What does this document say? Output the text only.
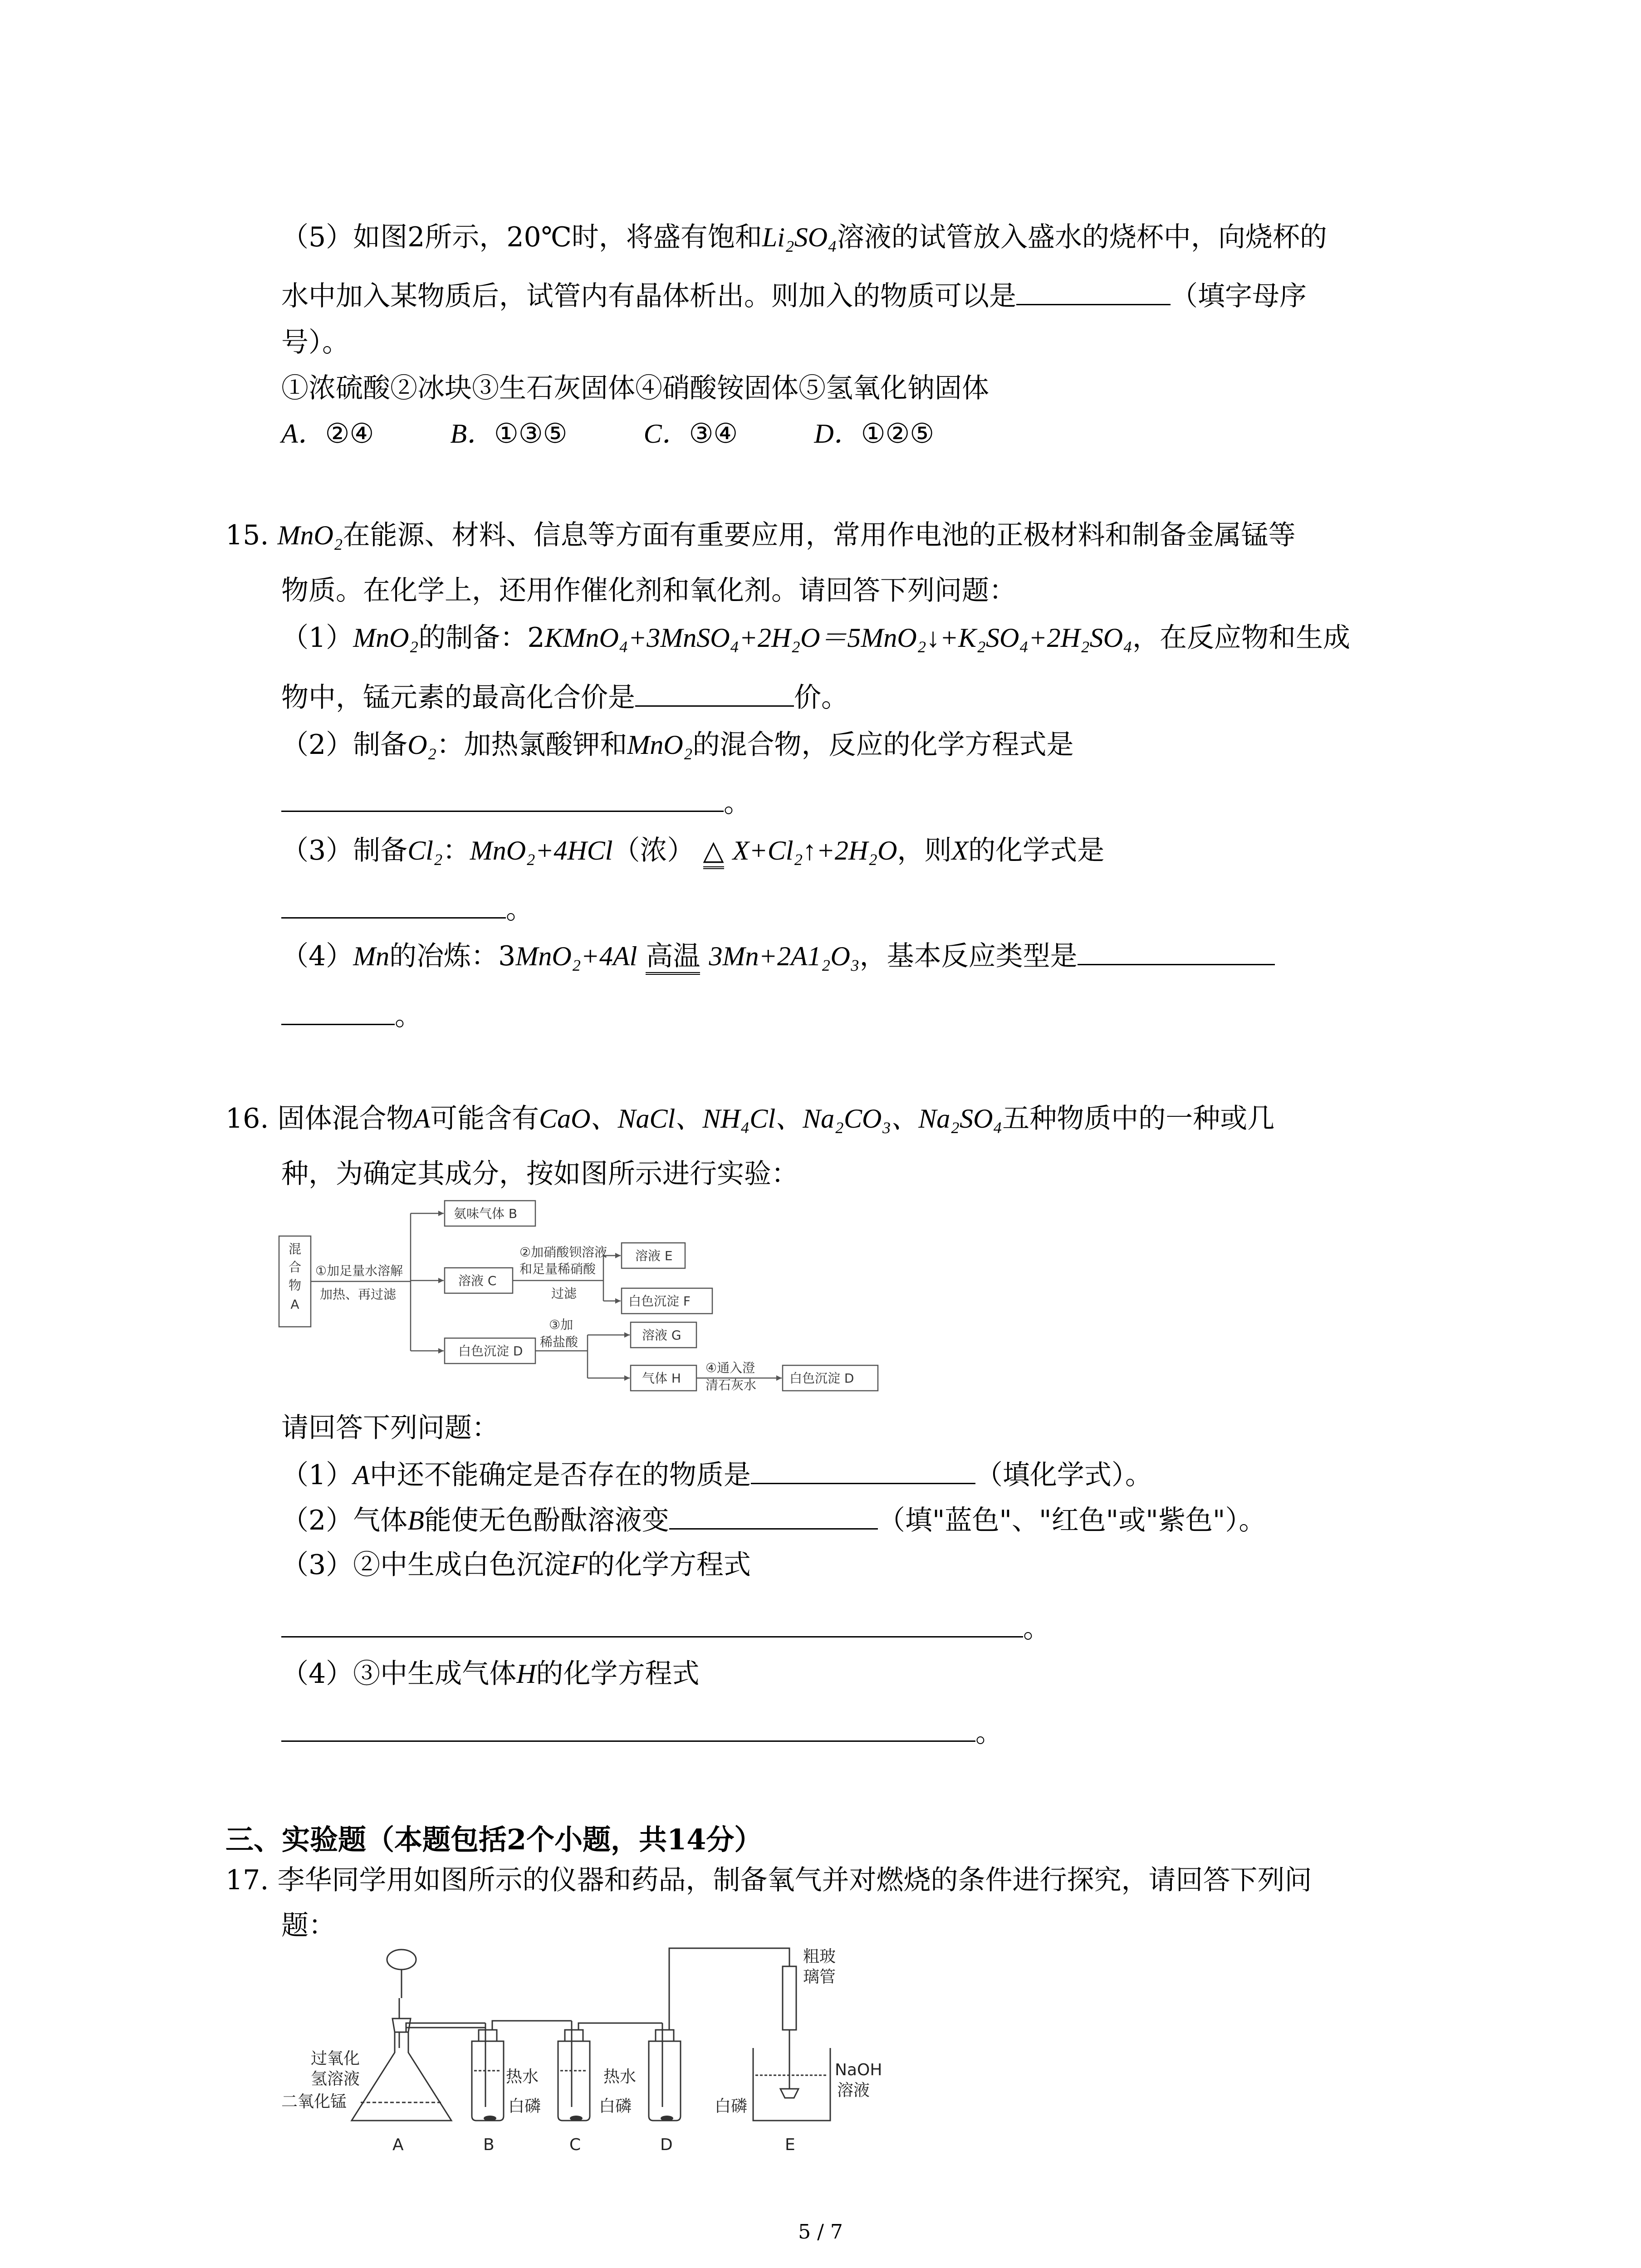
（5）如图2所示，20℃时，将盛有饱和Li₂SO₄溶液的试管放入盛水的烧杯中，向烧杯的
水中加入某物质后，试管内有晶体析出。则加入的物质可以是	（填字母序
号）。
①浓硫酸②冰块③生石灰固体④硝酸铵固体⑤氢氧化钠固体
A．②④	B．①③⑤	C．③④	D．①②⑤
15. MnO₂在能源、材料、信息等方面有重要应用，常用作电池的正极材料和制备金属锰等
物质。在化学上，还用作催化剂和氧化剂。请回答下列问题：
（1）MnO₂的制备：2KMnO₄+3MnSO₄+2H₂O＝5MnO₂↓+K₂SO₄+2H₂SO₄，在反应物和生成
物中，锰元素的最高化合价是	价。
（2）制备O₂：加热氯酸钾和MnO₂的混合物，反应的化学方程式是
。
（3）制备Cl₂：MnO₂+4HCl（浓） △ X+Cl₂↑+2H₂O，则X的化学式是
。
（4）Mn的冶炼：3MnO₂+4Al 高温 3Mn+2A1₂O₃，基本反应类型是
。
16. 固体混合物A可能含有CaO、NaCl、NH₄Cl、Na₂CO₃、Na₂SO₄五种物质中的一种或几
种，为确定其成分，按如图所示进行实验：
混
合
物
A
①加足量水溶解
加热、再过滤
氨味气体 B
溶液 C
白色沉淀 D
②加硝酸钡溶液
和足量稀硝酸
过滤
溶液 E
白色沉淀 F
③加
稀盐酸	溶液 G
气体 H
④通入澄
清石灰水	白色沉淀 D
请回答下列问题：
（1）A中还不能确定是否存在的物质是	（填化学式）。
（2）气体B能使无色酚酞溶液变	（填"蓝色"、"红色"或"紫色"）。
（3）②中生成白色沉淀F的化学方程式
。
（4）③中生成气体H的化学方程式
。
三、实验题（本题包括2个小题，共14分）
17. 李华同学用如图所示的仪器和药品，制备氧气并对燃烧的条件进行探究，请回答下列问
题：
过氧化
氢溶液
二氧化锰
热水
白磷
热水
白磷	白磷
粗玻
璃管
NaOH
溶液
A	B	C	D	E
5 / 7
